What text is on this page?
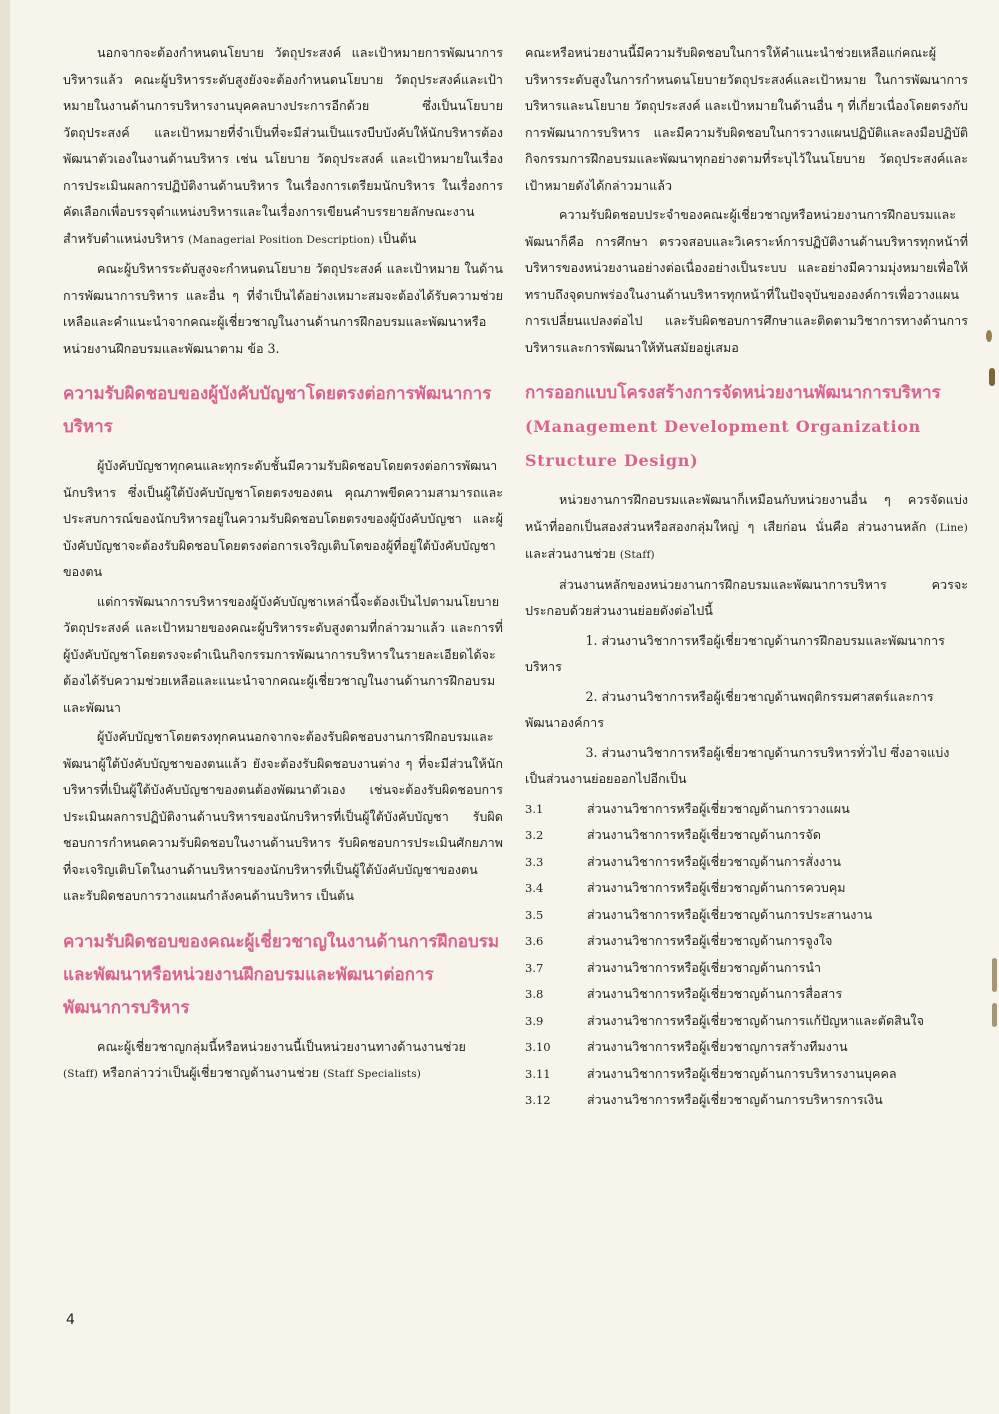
นอกจากจะต้องกำหนดนโยบาย วัตถุประสงค์ และเป้าหมายการพัฒนาการบริหารแล้ว คณะผู้บริหารระดับสูงยังจะต้องกำหนดนโยบาย วัตถุประสงค์และเป้าหมายในงานด้านการบริหารงานบุคคลบางประการอีกด้วย ซึ่งเป็นนโยบาย วัตถุประสงค์ และเป้าหมายที่จำเป็นที่จะมีส่วนเป็นแรงบีบบังคับให้นักบริหารต้องพัฒนาตัวเองในงานด้านบริหาร เช่น นโยบาย วัตถุประสงค์ และเป้าหมายในเรื่องการประเมินผลการปฏิบัติงานด้านบริหาร ในเรื่องการเตรียมนักบริหาร ในเรื่องการคัดเลือกเพื่อบรรจุตำแหน่งบริหารและในเรื่องการเขียนคำบรรยายลักษณะงานสำหรับตำแหน่งบริหาร (Managerial Position Description) เป็นต้น

คณะผู้บริหารระดับสูงจะกำหนดนโยบาย วัตถุประสงค์ และเป้าหมาย ในด้านการพัฒนาการบริหาร และอื่น ๆ ที่จำเป็นได้อย่างเหมาะสมจะต้องได้รับความช่วยเหลือและคำแนะนำจากคณะผู้เชี่ยวชาญในงานด้านการฝึกอบรมและพัฒนาหรือหน่วยงานฝึกอบรมและพัฒนาตาม ข้อ 3.

ความรับผิดชอบของผู้บังคับบัญชาโดยตรงต่อการพัฒนาการบริหาร

ผู้บังคับบัญชาทุกคนและทุกระดับชั้นมีความรับผิดชอบโดยตรงต่อการพัฒนานักบริหาร ซึ่งเป็นผู้ใต้บังคับบัญชาโดยตรงของตน คุณภาพขีดความสามารถและประสบการณ์ของนักบริหารอยู่ในความรับผิดชอบโดยตรงของผู้บังคับบัญชา และผู้บังคับบัญชาจะต้องรับผิดชอบโดยตรงต่อการเจริญเติบโตของผู้ที่อยู่ใต้บังคับบัญชาของตน

แต่การพัฒนาการบริหารของผู้บังคับบัญชาเหล่านี้จะต้องเป็นไปตามนโยบาย วัตถุประสงค์ และเป้าหมายของคณะผู้บริหารระดับสูงตามที่กล่าวมาแล้ว และการที่ผู้บังคับบัญชาโดยตรงจะดำเนินกิจกรรมการพัฒนาการบริหารในรายละเอียดได้จะต้องได้รับความช่วยเหลือและแนะนำจากคณะผู้เชี่ยวชาญในงานด้านการฝึกอบรมและพัฒนา

ผู้บังคับบัญชาโดยตรงทุกคนนอกจากจะต้องรับผิดชอบงานการฝึกอบรมและพัฒนาผู้ใต้บังคับบัญชาของตนแล้ว ยังจะต้องรับผิดชอบงานต่าง ๆ ที่จะมีส่วนให้นักบริหารที่เป็นผู้ใต้บังคับบัญชาของตนต้องพัฒนาตัวเอง เช่นจะต้องรับผิดชอบการประเมินผลการปฏิบัติงานด้านบริหารของนักบริหารที่เป็นผู้ใต้บังคับบัญชา รับผิดชอบการกำหนดความรับผิดชอบในงานด้านบริหาร รับผิดชอบการประเมินศักยภาพที่จะเจริญเติบโตในงานด้านบริหารของนักบริหารที่เป็นผู้ใต้บังคับบัญชาของตน และรับผิดชอบการวางแผนกำลังคนด้านบริหาร เป็นต้น

ความรับผิดชอบของคณะผู้เชี่ยวชาญในงานด้านการฝึกอบรมและพัฒนาหรือหน่วยงานฝึกอบรมและพัฒนาต่อการพัฒนาการบริหาร

คณะผู้เชี่ยวชาญกลุ่มนี้หรือหน่วยงานนี้เป็นหน่วยงานทางด้านงานช่วย (Staff) หรือกล่าวว่าเป็นผู้เชี่ยวชาญด้านงานช่วย (Staff Specialists)

คณะหรือหน่วยงานนี้มีความรับผิดชอบในการให้คำแนะนำช่วยเหลือแก่คณะผู้บริหารระดับสูงในการกำหนดนโยบายวัตถุประสงค์และเป้าหมาย ในการพัฒนาการบริหารและนโยบาย วัตถุประสงค์ และเป้าหมายในด้านอื่น ๆ ที่เกี่ยวเนื่องโดยตรงกับการพัฒนาการบริหาร และมีความรับผิดชอบในการวางแผนปฏิบัติและลงมือปฏิบัติกิจกรรมการฝึกอบรมและพัฒนาทุกอย่างตามที่ระบุไว้ในนโยบาย วัตถุประสงค์และเป้าหมายดังได้กล่าวมาแล้ว

ความรับผิดชอบประจำของคณะผู้เชี่ยวชาญหรือหน่วยงานการฝึกอบรมและพัฒนาก็คือ การศึกษา ตรวจสอบและวิเคราะห์การปฏิบัติงานด้านบริหารทุกหน้าที่บริหารของหน่วยงานอย่างต่อเนื่องอย่างเป็นระบบ และอย่างมีความมุ่งหมายเพื่อให้ทราบถึงจุดบกพร่องในงานด้านบริหารทุกหน้าที่ในปัจจุบันขององค์การเพื่อวางแผนการเปลี่ยนแปลงต่อไป และรับผิดชอบการศึกษาและติดตามวิชาการทางด้านการบริหารและการพัฒนาให้ทันสมัยอยู่เสมอ

การออกแบบโครงสร้างการจัดหน่วยงานพัฒนาการบริหาร (Management Development Organization Structure Design)

หน่วยงานการฝึกอบรมและพัฒนาก็เหมือนกับหน่วยงานอื่น ๆ ควรจัดแบ่งหน้าที่ออกเป็นสองส่วนหรือสองกลุ่มใหญ่ ๆ เสียก่อน นั่นคือ ส่วนงานหลัก (Line) และส่วนงานช่วย (Staff)

ส่วนงานหลักของหน่วยงานการฝึกอบรมและพัฒนาการบริหาร ควรจะประกอบด้วยส่วนงานย่อยดังต่อไปนี้

1. ส่วนงานวิชาการหรือผู้เชี่ยวชาญด้านการฝึกอบรมและพัฒนาการบริหาร

2. ส่วนงานวิชาการหรือผู้เชี่ยวชาญด้านพฤติกรรมศาสตร์และการพัฒนาองค์การ

3. ส่วนงานวิชาการหรือผู้เชี่ยวชาญด้านการบริหารทั่วไป ซึ่งอาจแบ่งเป็นส่วนงานย่อยออกไปอีกเป็น

3.1	ส่วนงานวิชาการหรือผู้เชี่ยวชาญด้านการวางแผน

3.2	ส่วนงานวิชาการหรือผู้เชี่ยวชาญด้านการจัด

3.3	ส่วนงานวิชาการหรือผู้เชี่ยวชาญด้านการสั่งงาน

3.4	ส่วนงานวิชาการหรือผู้เชี่ยวชาญด้านการควบคุม

3.5	ส่วนงานวิชาการหรือผู้เชี่ยวชาญด้านการประสานงาน

3.6	ส่วนงานวิชาการหรือผู้เชี่ยวชาญด้านการจูงใจ

3.7	ส่วนงานวิชาการหรือผู้เชี่ยวชาญด้านการนำ

3.8	ส่วนงานวิชาการหรือผู้เชี่ยวชาญด้านการสื่อสาร

3.9	ส่วนงานวิชาการหรือผู้เชี่ยวชาญด้านการแก้ปัญหาและตัดสินใจ

3.10	ส่วนงานวิชาการหรือผู้เชี่ยวชาญการสร้างทีมงาน

3.11	ส่วนงานวิชาการหรือผู้เชี่ยวชาญด้านการบริหารงานบุคคล

3.12	ส่วนงานวิชาการหรือผู้เชี่ยวชาญด้านการบริหารการเงิน

4
